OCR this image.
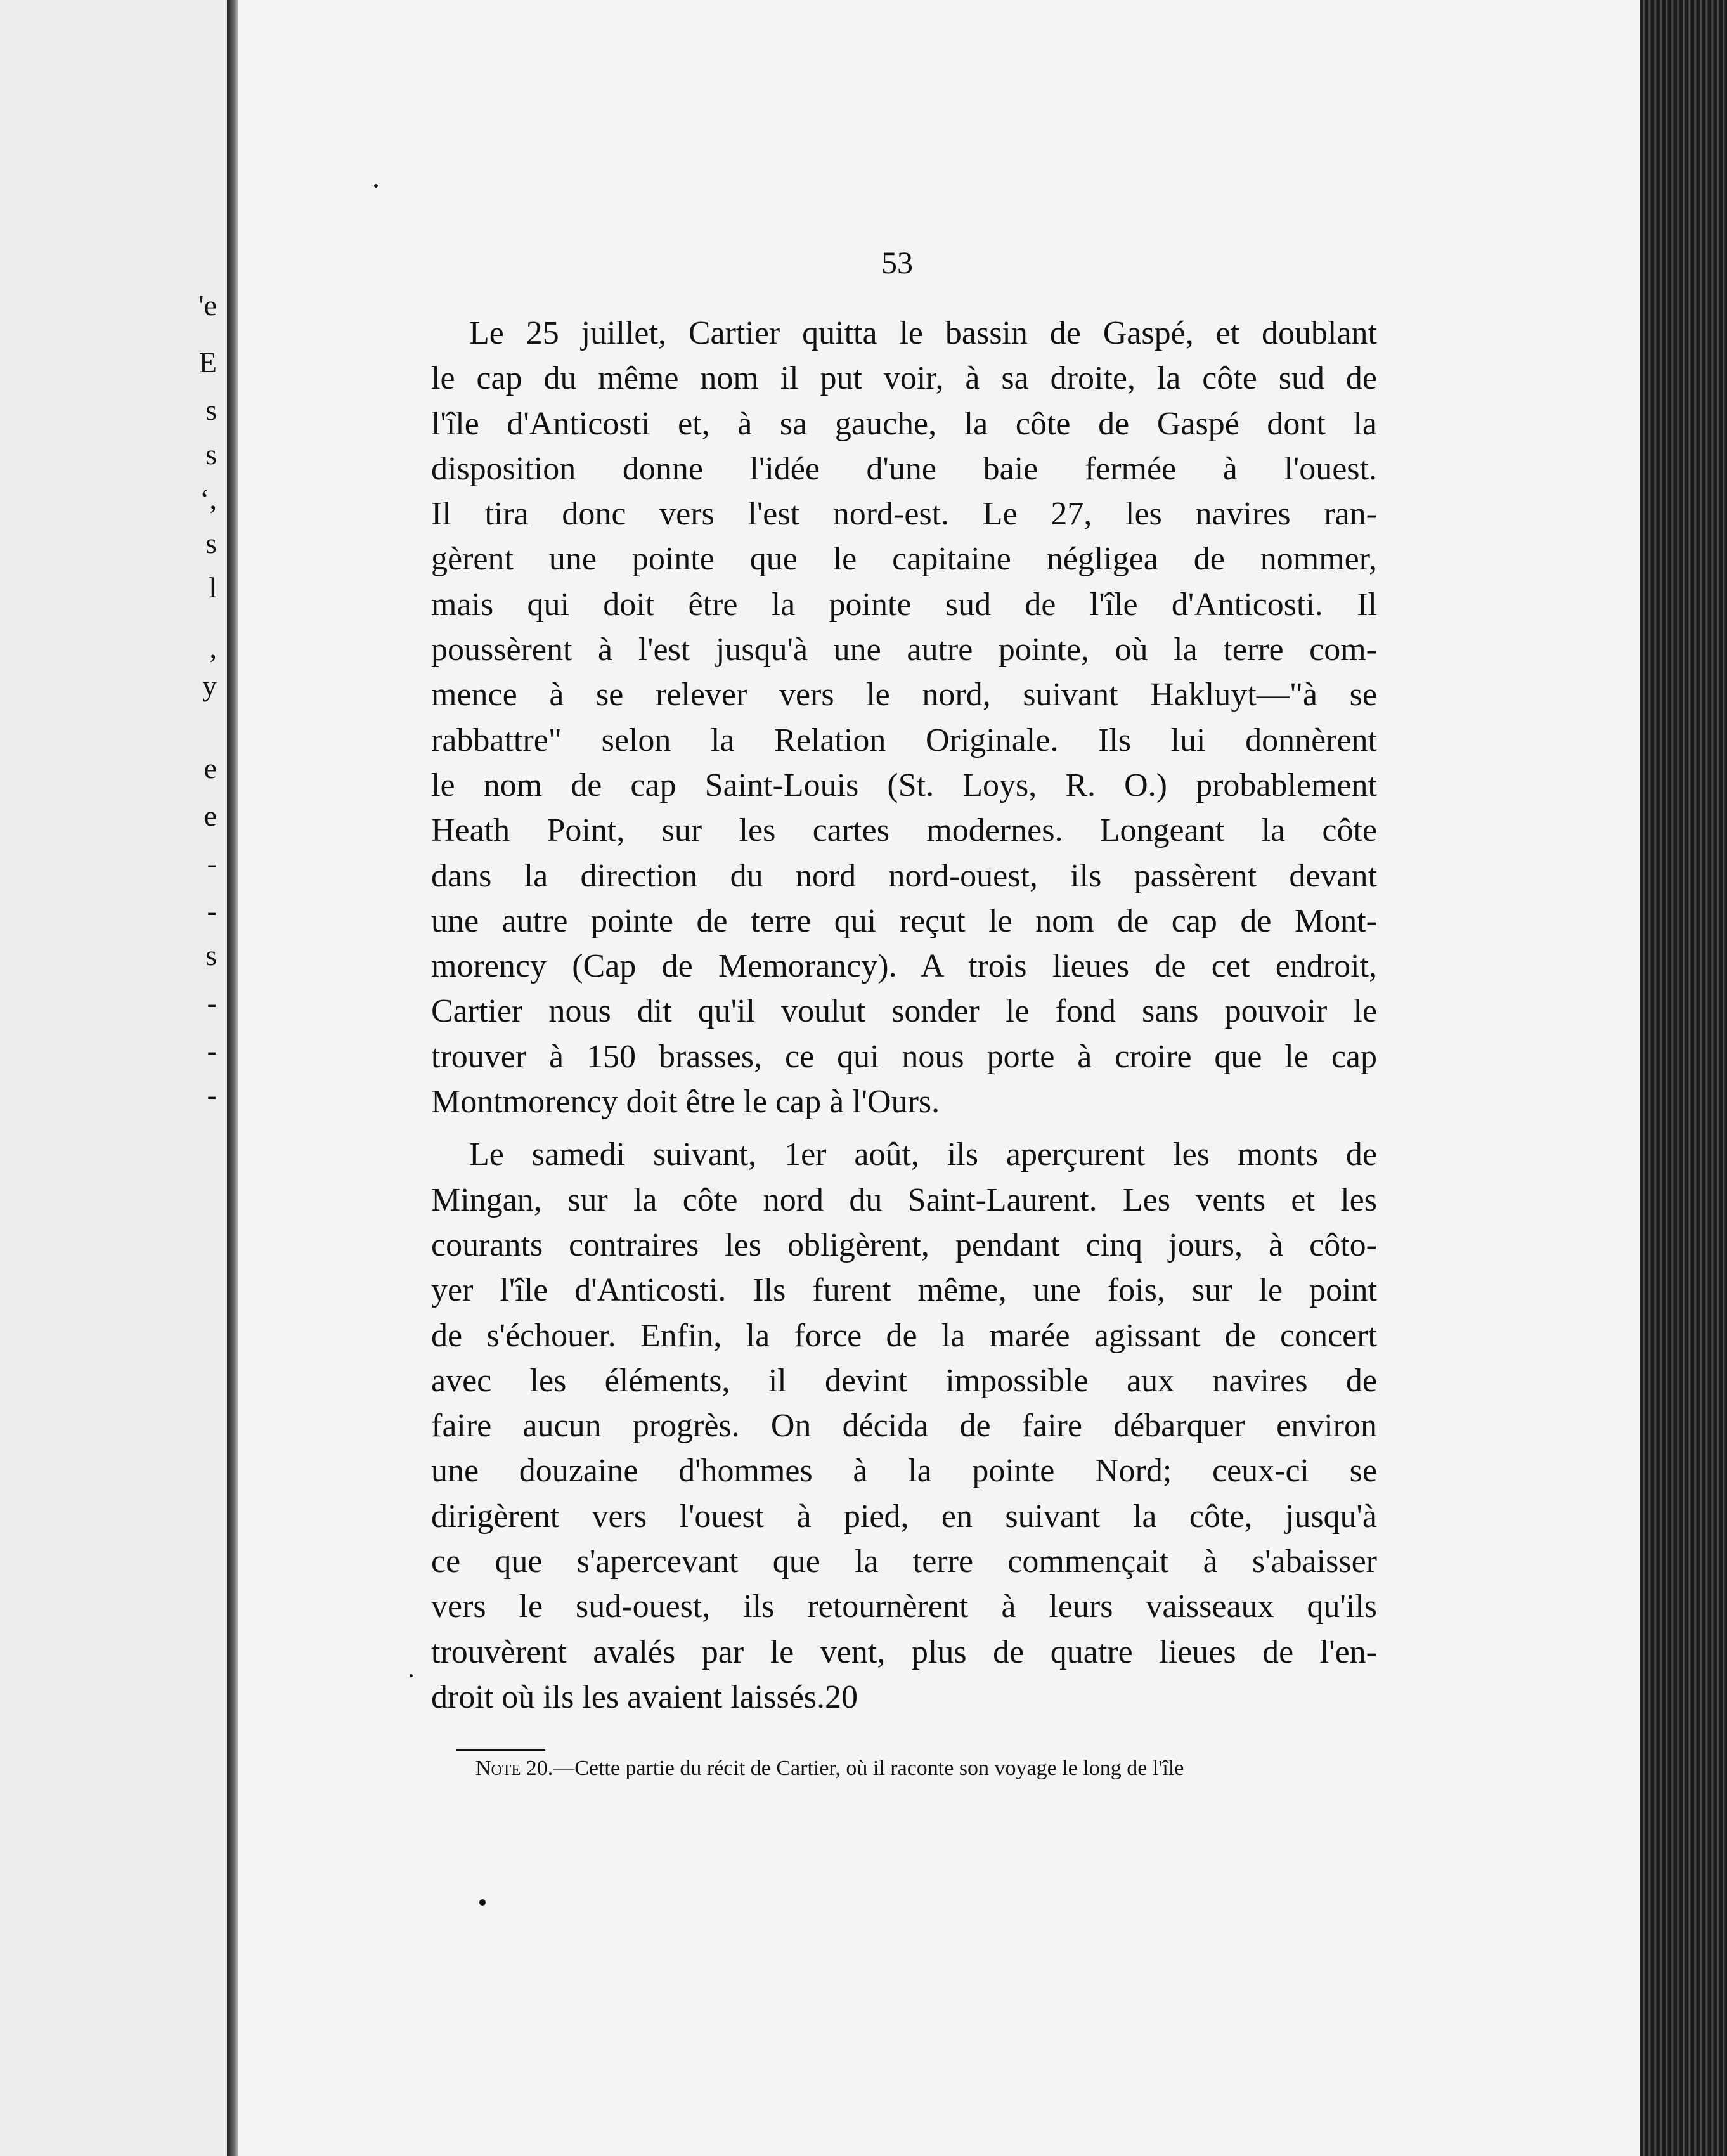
'e
E
s
s
‘,
s
l
,
y
e
e
-
-
s
-
-
-
53
Le 25 juillet, Cartier quitta le bassin de Gaspé, et doublant
le cap du même nom il put voir, à sa droite, la côte sud de
l'île d'Anticosti et, à sa gauche, la côte de Gaspé dont la
disposition donne l'idée d'une baie fermée à l'ouest.
Il tira donc vers l'est nord-est. Le 27, les navires ran-
gèrent une pointe que le capitaine négligea de nommer,
mais qui doit être la pointe sud de l'île d'Anticosti. Il
poussèrent à l'est jusqu'à une autre pointe, où la terre com-
mence à se relever vers le nord, suivant Hakluyt—"à se
rabbattre" selon la Relation Originale. Ils lui donnèrent
le nom de cap Saint-Louis (St. Loys, R. O.) probablement
Heath Point, sur les cartes modernes. Longeant la côte
dans la direction du nord nord-ouest, ils passèrent devant
une autre pointe de terre qui reçut le nom de cap de Mont-
morency (Cap de Memorancy). A trois lieues de cet endroit,
Cartier nous dit qu'il voulut sonder le fond sans pouvoir le
trouver à 150 brasses, ce qui nous porte à croire que le cap
Montmorency doit être le cap à l'Ours.
Le samedi suivant, 1er août, ils aperçurent les monts de
Mingan, sur la côte nord du Saint-Laurent. Les vents et les
courants contraires les obligèrent, pendant cinq jours, à côto-
yer l'île d'Anticosti. Ils furent même, une fois, sur le point
de s'échouer. Enfin, la force de la marée agissant de concert
avec les éléments, il devint impossible aux navires de
faire aucun progrès. On décida de faire débarquer environ
une douzaine d'hommes à la pointe Nord; ceux-ci se
dirigèrent vers l'ouest à pied, en suivant la côte, jusqu'à
ce que s'apercevant que la terre commençait à s'abaisser
vers le sud-ouest, ils retournèrent à leurs vaisseaux qu'ils
trouvèrent avalés par le vent, plus de quatre lieues de l'en-
droit où ils les avaient laissés.20
Note 20.—Cette partie du récit de Cartier, où il raconte son voyage le long de l'île
